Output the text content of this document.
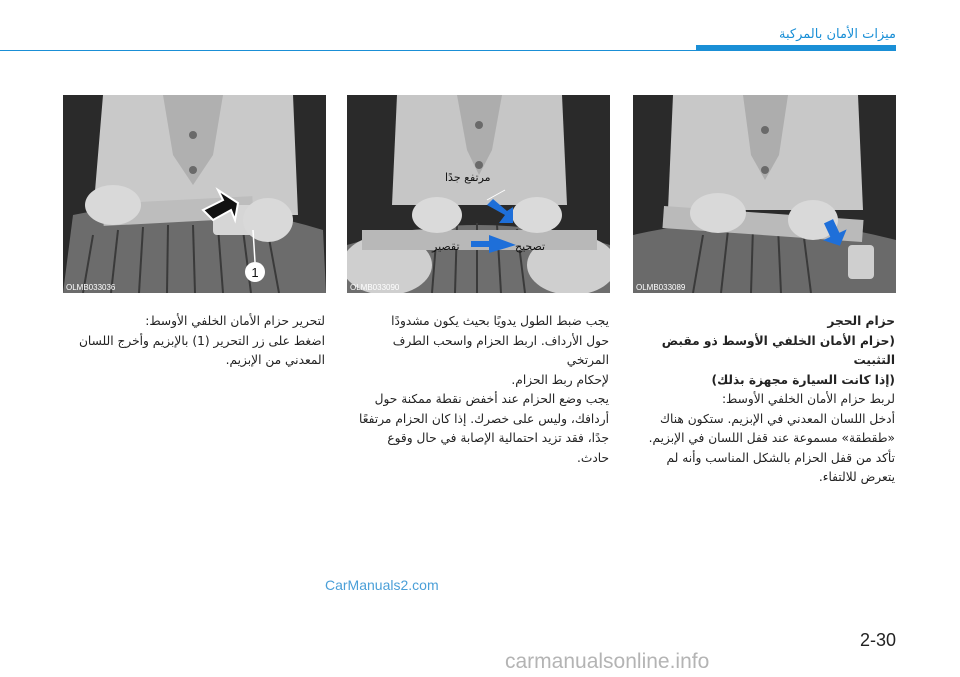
ميزات الأمان بالمركبة
1
OLMB033036
مرتفع جدًا
تصحيح
تقصير
OLMB033090	OLMB033089

لتحرير حزام الأمان الخلفي الأوسط:

اضغط على زر التحرير (1) بالإبزيم وأخرج اللسان

المعدني من الإبزيم.

يجب ضبط الطول يدويًا بحيث يكون مشدودًا

حول الأرداف. اربط الحزام واسحب الطرف المرتخي

لإحكام ربط الحزام.

يجب وضع الحزام عند أخفض نقطة ممكنة حول

أردافك، وليس على خصرك. إذا كان الحزام مرتفعًا

جدًا، فقد تزيد احتمالية الإصابة في حال وقوع

حادث.

حزام الحجر

(حزام الأمان الخلفي الأوسط ذو مقبض التثبيت

(إذا كانت السيارة مجهزة بذلك)

لربط حزام الأمان الخلفي الأوسط:

أدخل اللسان المعدني في الإبزيم. ستكون هناك

«طقطقة» مسموعة عند قفل اللسان في الإبزيم.

تأكد من قفل الحزام بالشكل المناسب وأنه لم

يتعرض للالتفاء.

CarManuals2.com
2-30
carmanualsonline.info
